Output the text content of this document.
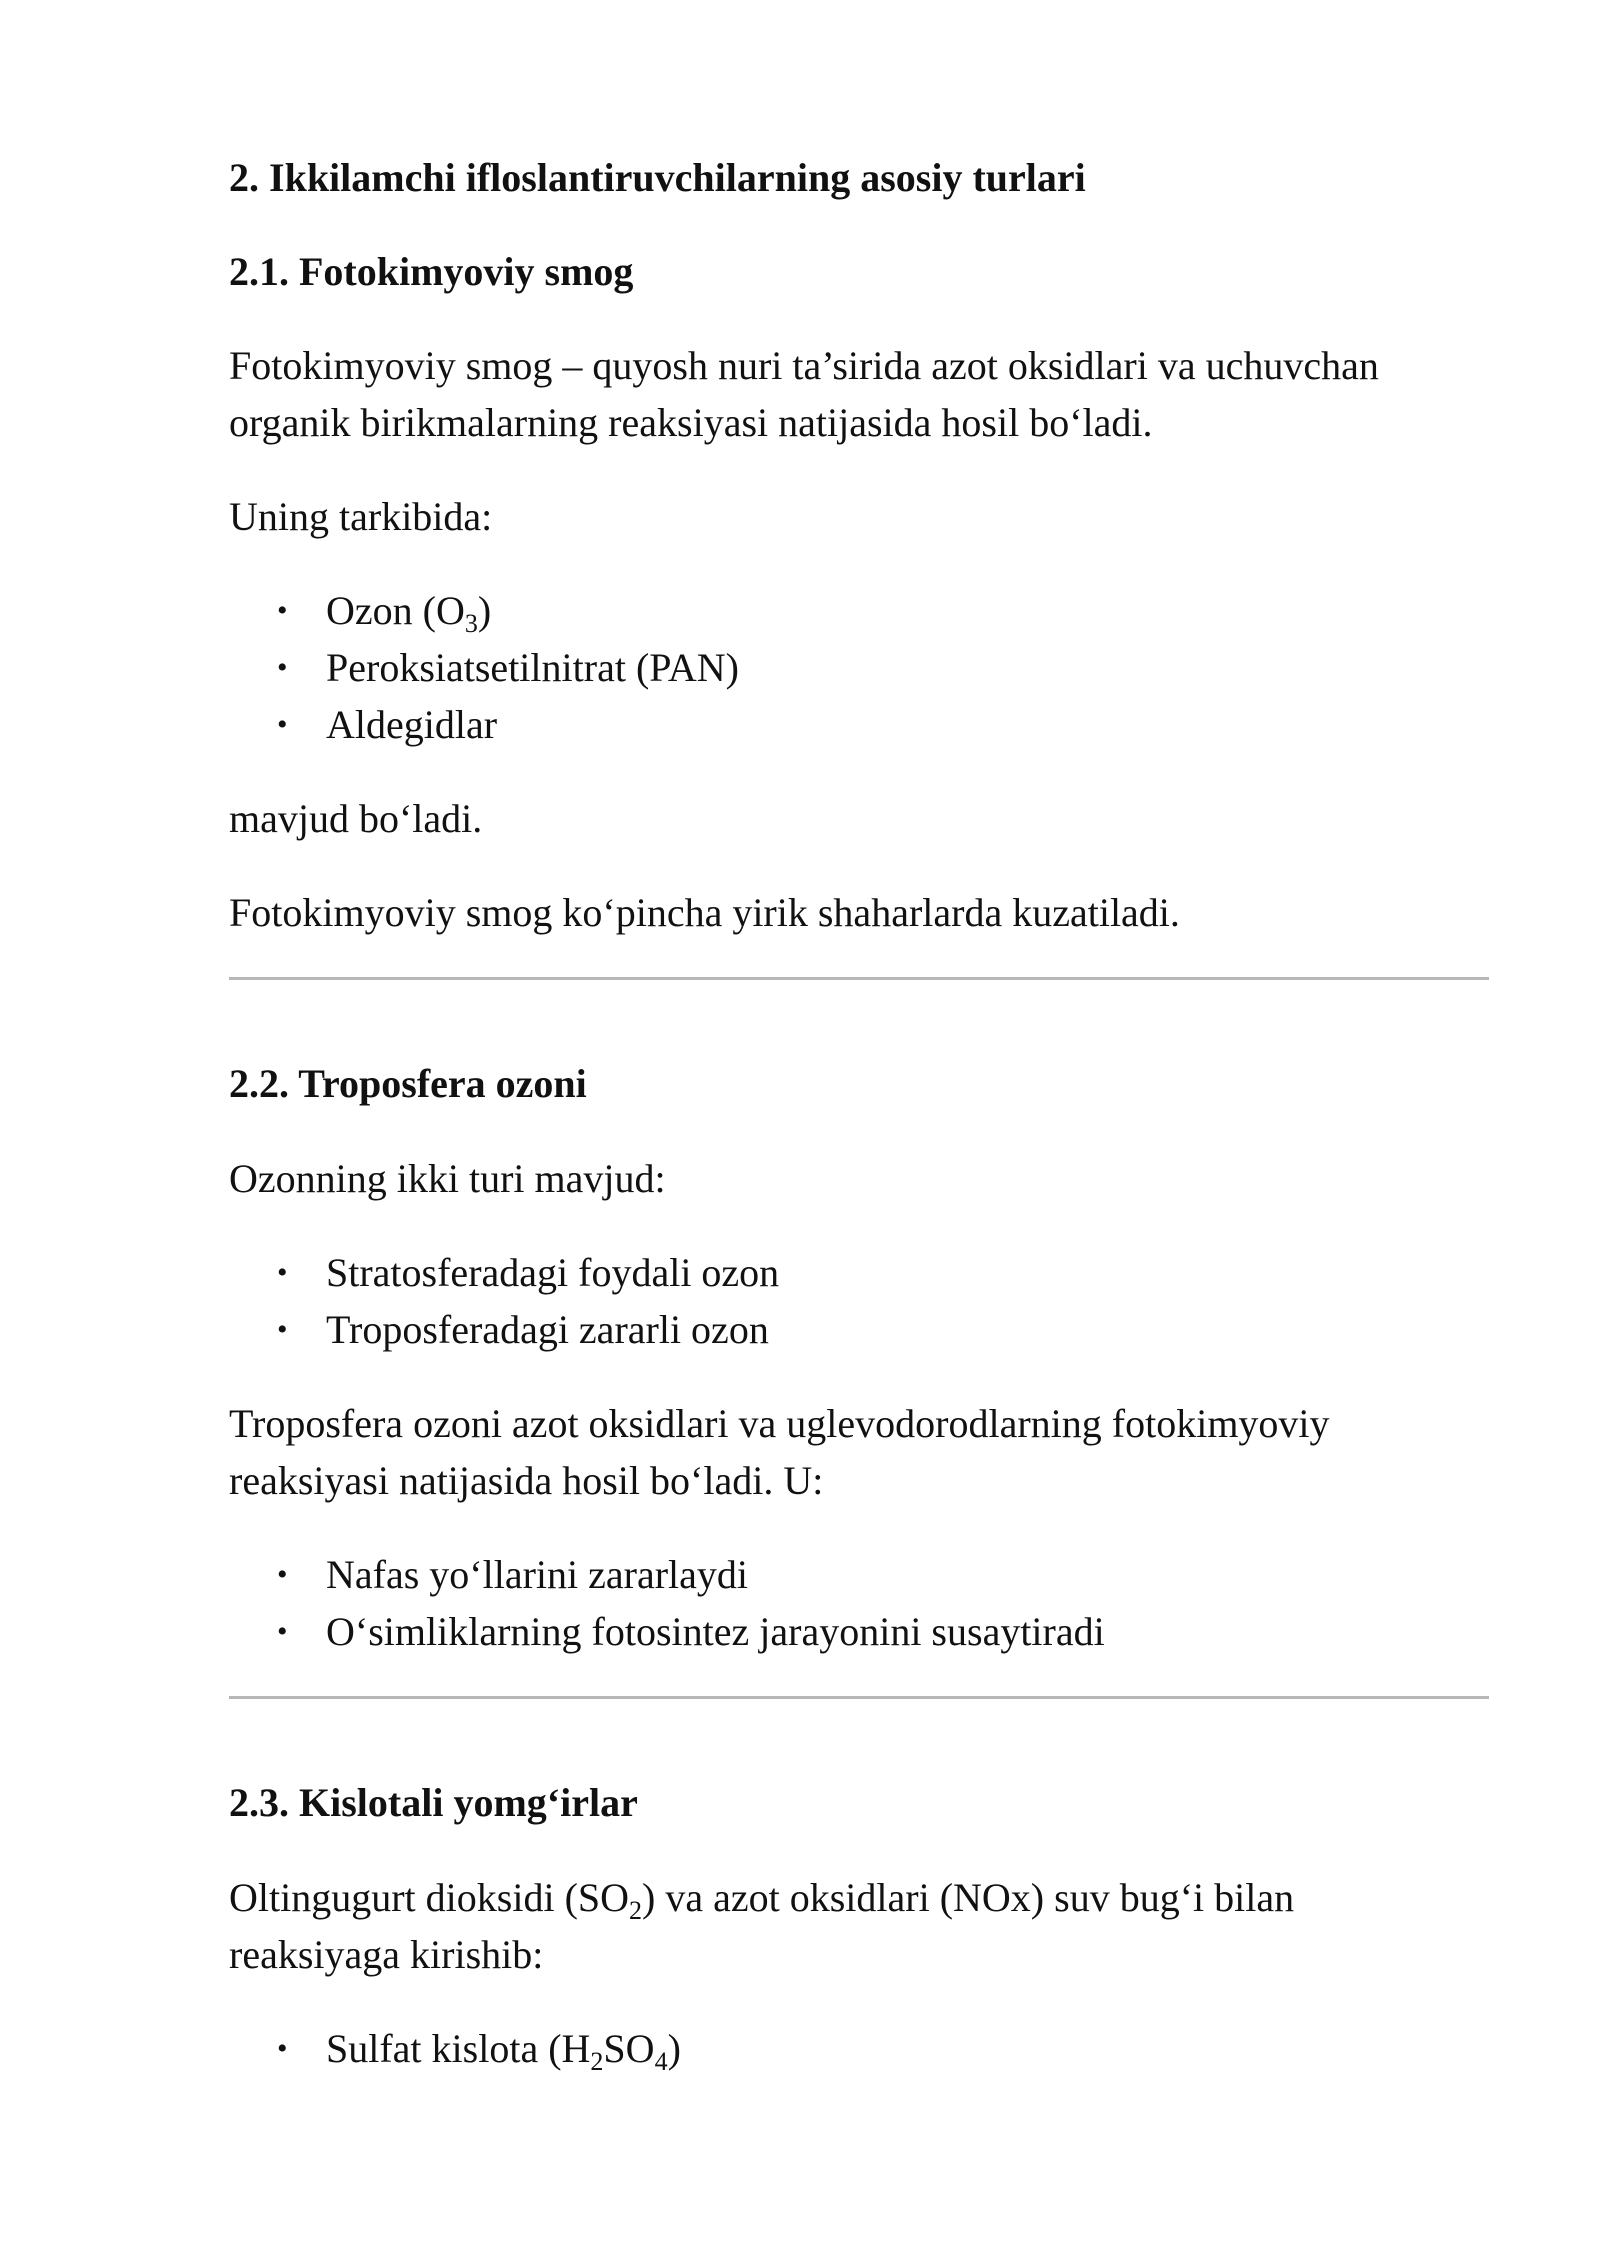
2. Ikkilamchi ifloslantiruvchilarning asosiy turlari
2.1. Fotokimyoviy smog

Fotokimyoviy smog – quyosh nuri ta’sirida azot oksidlari va uchuvchan
organik birikmalarning reaksiyasi natijasida hosil bo‘ladi.

Uning tarkibida:

• Ozon $(O_3)$
• Peroksiatsetilnitrat (PAN)
• Aldegidlar

mavjud bo‘ladi.

Fotokimyoviy smog ko‘pincha yirik shaharlarda kuzatiladi.

2.2. Troposfera ozoni

Ozonning ikki turi mavjud:

• Stratosferadagi foydali ozon
• Troposferadagi zararli ozon

Troposfera ozoni azot oksidlari va uglevodorodlarning fotokimyoviy
reaksiyasi natijasida hosil bo‘ladi. U:

• Nafas yo‘llarini zararlaydi
• O‘simliklarning fotosintez jarayonini susaytiradi
2.3. Kislotali yomg‘irlar

Oltingugurt dioksidi $(SO_2)$ va azot oksidlari (NOx) suv bug‘i bilan
reaksiyaga kirishib:

• Sulfat kislota $(H_2SO_4)$
